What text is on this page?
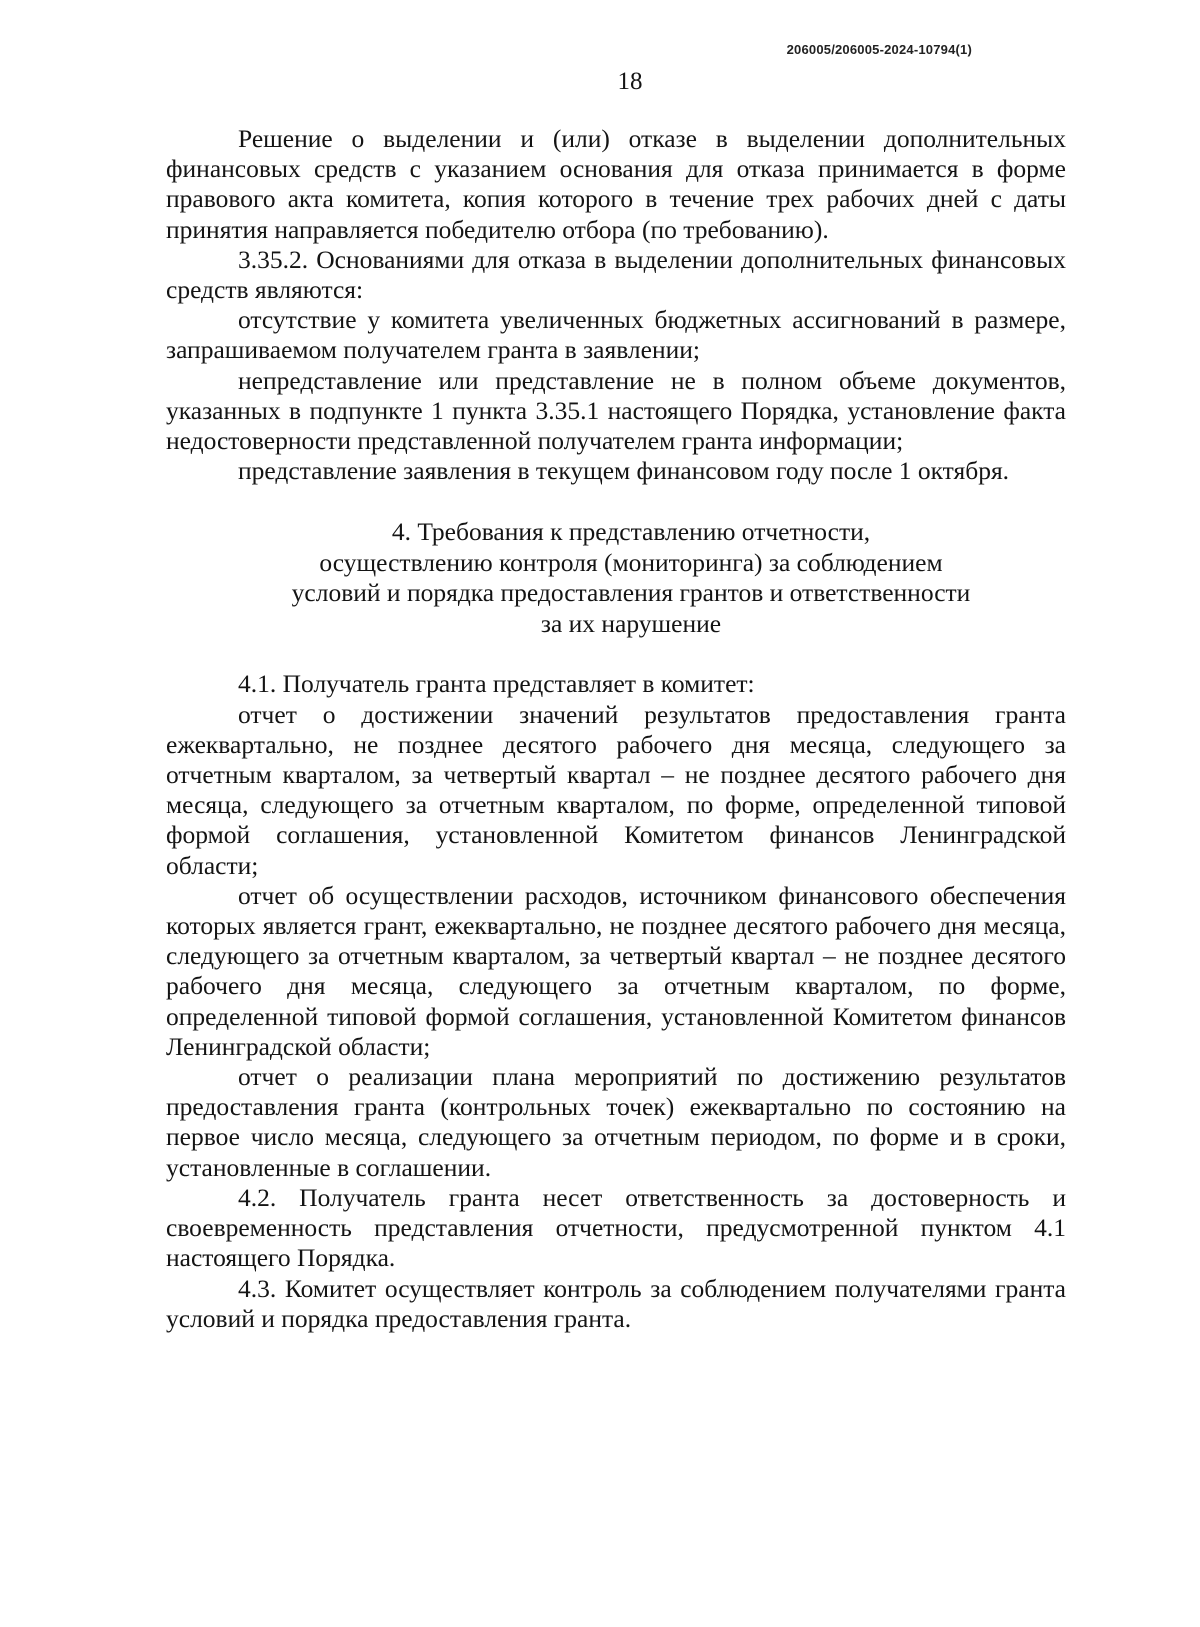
206005/206005-2024-10794(1)
18

Решение о выделении и (или) отказе в выделении дополнительных финансовых средств с указанием основания для отказа принимается в форме правового акта комитета, копия которого в течение трех рабочих дней с даты принятия направляется победителю отбора (по требованию).

3.35.2. Основаниями для отказа в выделении дополнительных финансовых средств являются:

отсутствие у комитета увеличенных бюджетных ассигнований в размере, запрашиваемом получателем гранта в заявлении;

непредставление или представление не в полном объеме документов, указанных в подпункте 1 пункта 3.35.1 настоящего Порядка, установление факта недостоверности представленной получателем гранта информации;

представление заявления в текущем финансовом году после 1 октября.

4. Требования к представлению отчетности,
осуществлению контроля (мониторинга) за соблюдением
условий и порядка предоставления грантов и ответственности
за их нарушение

4.1. Получатель гранта представляет в комитет:

отчет о достижении значений результатов предоставления гранта ежеквартально, не позднее десятого рабочего дня месяца, следующего за отчетным кварталом, за четвертый квартал – не позднее десятого рабочего дня месяца, следующего за отчетным кварталом, по форме, определенной типовой формой соглашения, установленной Комитетом финансов Ленинградской области;

отчет об осуществлении расходов, источником финансового обеспечения которых является грант, ежеквартально, не позднее десятого рабочего дня месяца, следующего за отчетным кварталом, за четвертый квартал – не позднее десятого рабочего дня месяца, следующего за отчетным кварталом, по форме, определенной типовой формой соглашения, установленной Комитетом финансов Ленинградской области;

отчет о реализации плана мероприятий по достижению результатов предоставления гранта (контрольных точек) ежеквартально по состоянию на первое число месяца, следующего за отчетным периодом, по форме и в сроки, установленные в соглашении.

4.2. Получатель гранта несет ответственность за достоверность и своевременность представления отчетности, предусмотренной пунктом 4.1 настоящего Порядка.

4.3. Комитет осуществляет контроль за соблюдением получателями гранта условий и порядка предоставления гранта.
